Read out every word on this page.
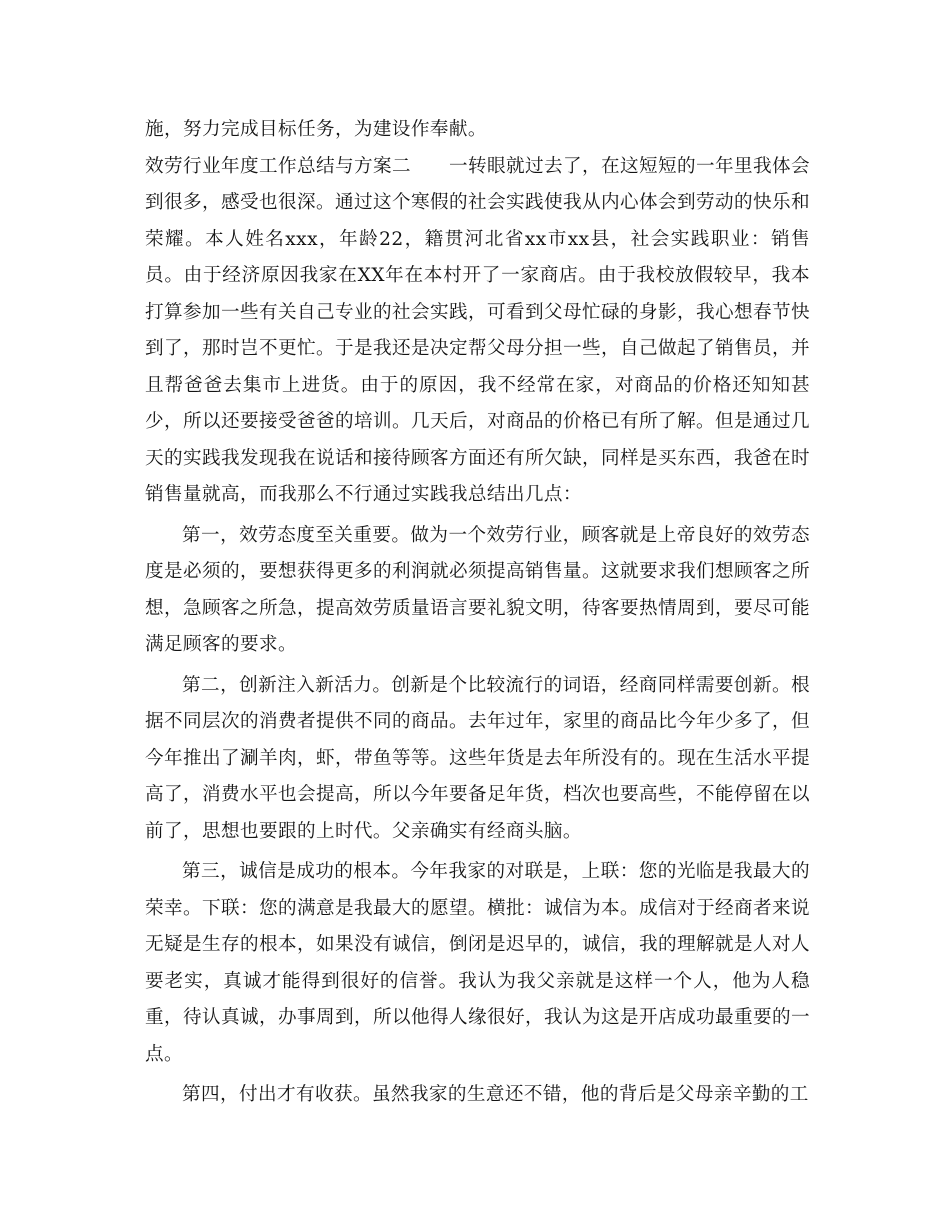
施，努力完成目标任务，为建设作奉献。

效劳行业年度工作总结与方案二　　一转眼就过去了，在这短短的一年里我体会到很多，感受也很深。通过这个寒假的社会实践使我从内心体会到劳动的快乐和荣耀。本人姓名xxx，年龄22，籍贯河北省xx市xx县，社会实践职业：销售员。由于经济原因我家在XX年在本村开了一家商店。由于我校放假较早，我本打算参加一些有关自己专业的社会实践，可看到父母忙碌的身影，我心想春节快到了，那时岂不更忙。于是我还是决定帮父母分担一些，自己做起了销售员，并且帮爸爸去集市上进货。由于的原因，我不经常在家，对商品的价格还知知甚少，所以还要接受爸爸的培训。几天后，对商品的价格已有所了解。但是通过几天的实践我发现我在说话和接待顾客方面还有所欠缺，同样是买东西，我爸在时销售量就高，而我那么不行通过实践我总结出几点：

第一，效劳态度至关重要。做为一个效劳行业，顾客就是上帝良好的效劳态度是必须的，要想获得更多的利润就必须提高销售量。这就要求我们想顾客之所想，急顾客之所急，提高效劳质量语言要礼貌文明，待客要热情周到，要尽可能满足顾客的要求。

第二，创新注入新活力。创新是个比较流行的词语，经商同样需要创新。根据不同层次的消费者提供不同的商品。去年过年，家里的商品比今年少多了，但今年推出了涮羊肉，虾，带鱼等等。这些年货是去年所没有的。现在生活水平提高了，消费水平也会提高，所以今年要备足年货，档次也要高些，不能停留在以前了，思想也要跟的上时代。父亲确实有经商头脑。

第三，诚信是成功的根本。今年我家的对联是，上联：您的光临是我最大的荣幸。下联：您的满意是我最大的愿望。横批：诚信为本。成信对于经商者来说无疑是生存的根本，如果没有诚信，倒闭是迟早的，诚信，我的理解就是人对人要老实，真诚才能得到很好的信誉。我认为我父亲就是这样一个人，他为人稳重，待认真诚，办事周到，所以他得人缘很好，我认为这是开店成功最重要的一点。

第四，付出才有收获。虽然我家的生意还不错，他的背后是父母亲辛勤的工
